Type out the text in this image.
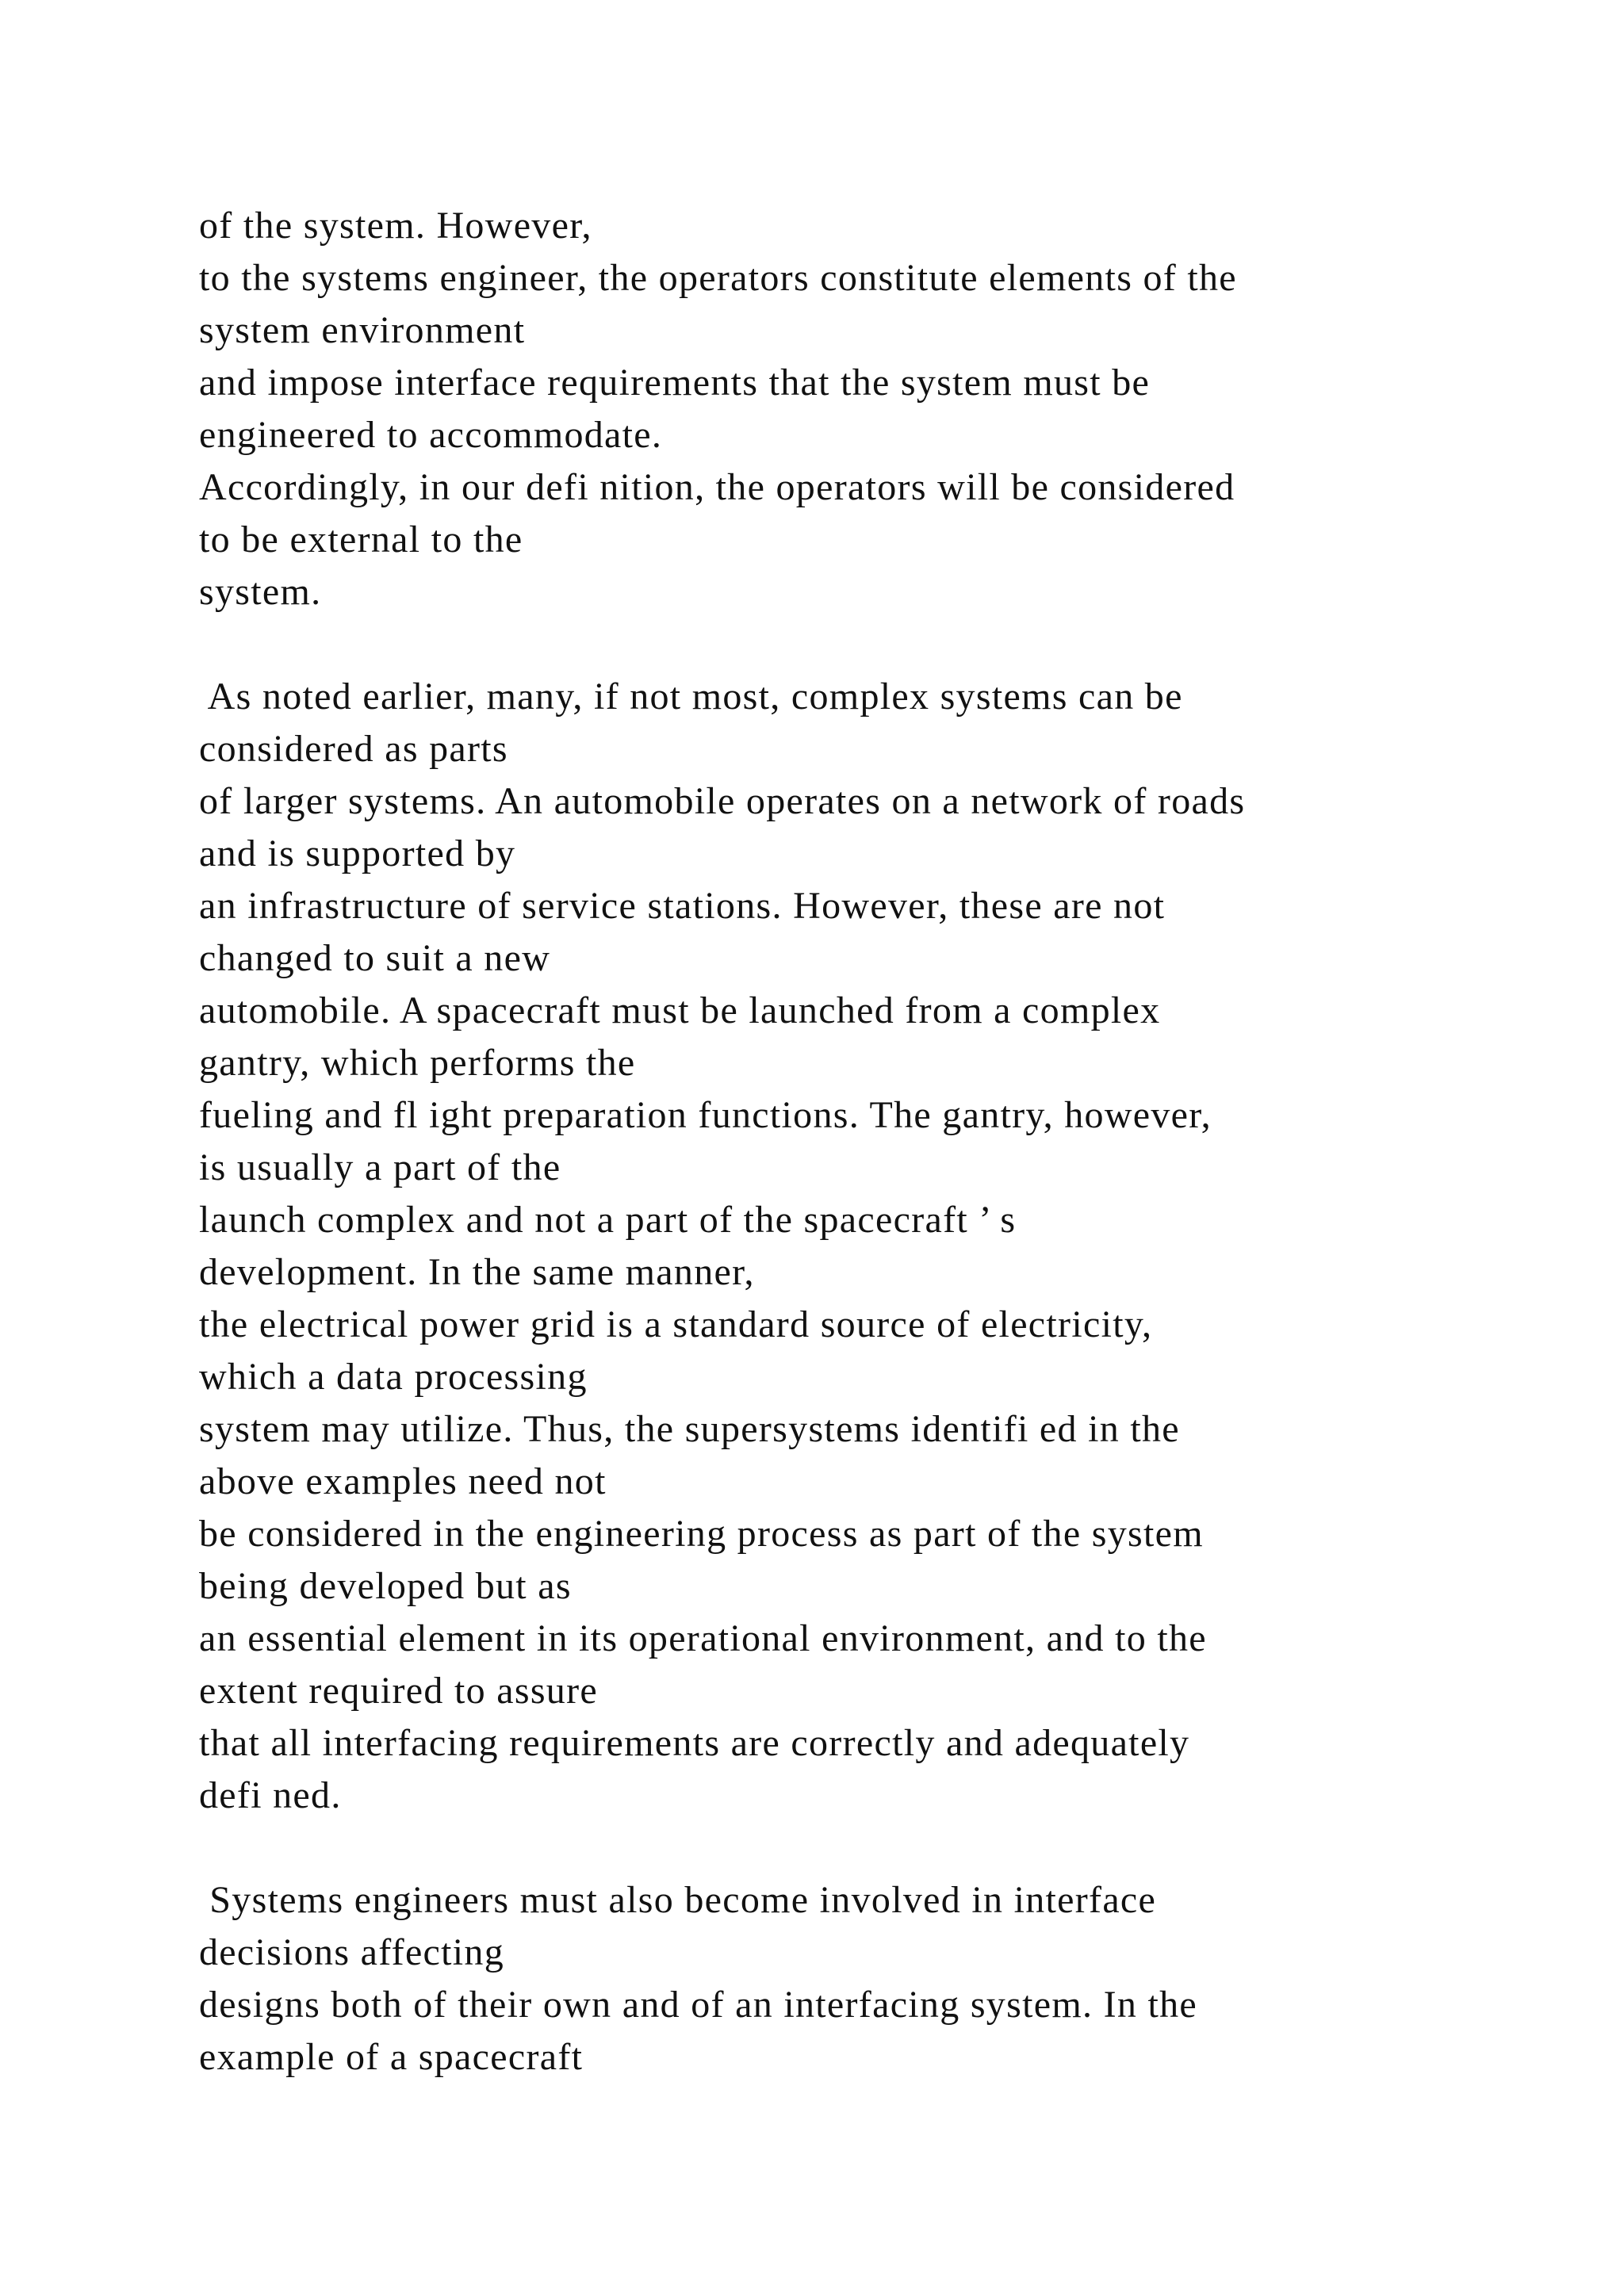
of the system. However,
to the systems engineer, the operators constitute elements of the
system environment
and impose interface requirements that the system must be
engineered to accommodate.
Accordingly, in our defi nition, the operators will be considered
to be external to the
system.
As noted earlier, many, if not most, complex systems can be
considered as parts
of larger systems. An automobile operates on a network of roads
and is supported by
an infrastructure of service stations. However, these are not
changed to suit a new
automobile. A spacecraft must be launched from a complex
gantry, which performs the
fueling and fl ight preparation functions. The gantry, however,
is usually a part of the
launch complex and not a part of the spacecraft ’ s
development. In the same manner,
the electrical power grid is a standard source of electricity,
which a data processing
system may utilize. Thus, the supersystems identifi ed in the
above examples need not
be considered in the engineering process as part of the system
being developed but as
an essential element in its operational environment, and to the
extent required to assure
that all interfacing requirements are correctly and adequately
defi ned.
Systems engineers must also become involved in interface
decisions affecting
designs both of their own and of an interfacing system. In the
example of a spacecraft
